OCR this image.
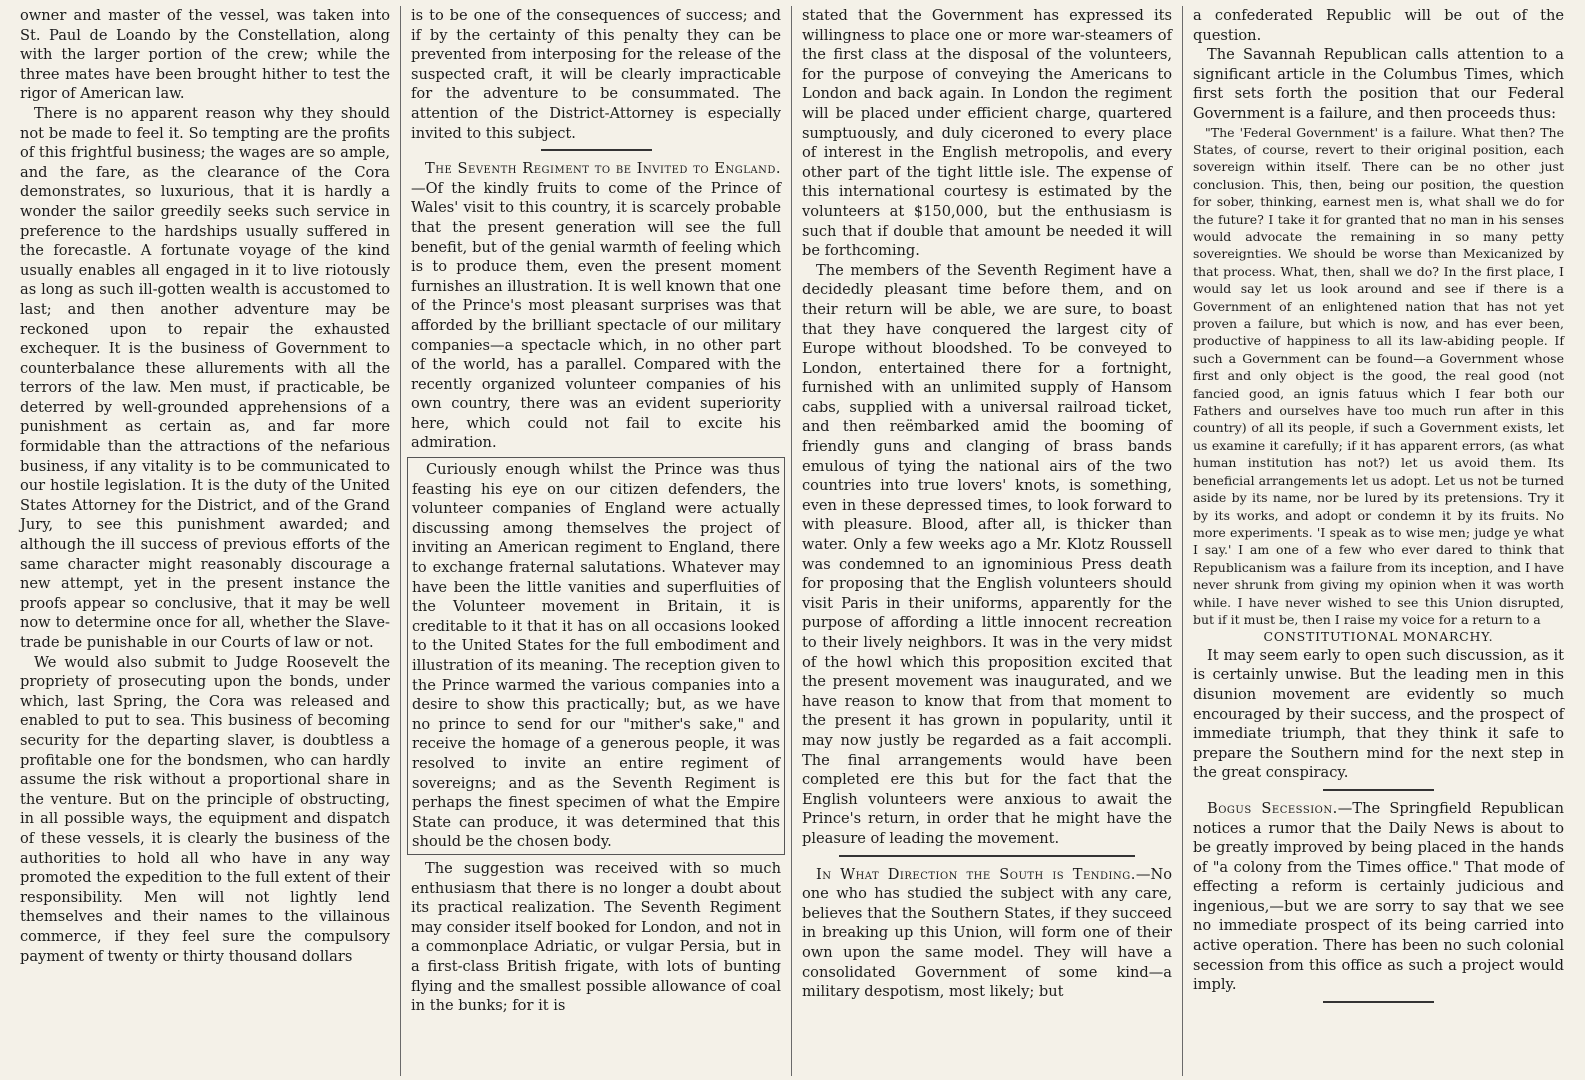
owner and master of the vessel, was taken into St. Paul de Loando by the Constellation, along with the larger portion of the crew; while the three mates have been brought hither to test the rigor of American law.

There is no apparent reason why they should not be made to feel it. So tempting are the profits of this frightful business; the wages are so ample, and the fare, as the clearance of the Cora demonstrates, so luxurious, that it is hardly a wonder the sailor greedily seeks such service in preference to the hardships usually suffered in the forecastle. A fortunate voyage of the kind usually enables all engaged in it to live riotously as long as such ill-gotten wealth is accustomed to last; and then another adventure may be reckoned upon to repair the exhausted exchequer. It is the business of Government to counterbalance these allurements with all the terrors of the law. Men must, if practicable, be deterred by well-grounded apprehensions of a punishment as certain as, and far more formidable than the attractions of the nefarious business, if any vitality is to be communicated to our hostile legislation. It is the duty of the United States Attorney for the District, and of the Grand Jury, to see this punishment awarded; and although the ill success of previous efforts of the same character might reasonably discourage a new attempt, yet in the present instance the proofs appear so conclusive, that it may be well now to determine once for all, whether the Slave-trade be punishable in our Courts of law or not.

We would also submit to Judge Roosevelt the propriety of prosecuting upon the bonds, under which, last Spring, the Cora was released and enabled to put to sea. This business of becoming security for the departing slaver, is doubtless a profitable one for the bondsmen, who can hardly assume the risk without a proportional share in the venture. But on the principle of obstructing, in all possible ways, the equipment and dispatch of these vessels, it is clearly the business of the authorities to hold all who have in any way promoted the expedition to the full extent of their responsibility. Men will not lightly lend themselves and their names to the villainous commerce, if they feel sure the compulsory payment of twenty or thirty thousand dollars

is to be one of the consequences of success; and if by the certainty of this penalty they can be prevented from interposing for the release of the suspected craft, it will be clearly impracticable for the adventure to be consummated. The attention of the District-Attorney is especially invited to this subject.

The Seventh Regiment to be Invited to England.—Of the kindly fruits to come of the Prince of Wales' visit to this country, it is scarcely probable that the present generation will see the full benefit, but of the genial warmth of feeling which is to produce them, even the present moment furnishes an illustration. It is well known that one of the Prince's most pleasant surprises was that afforded by the brilliant spectacle of our military companies—a spectacle which, in no other part of the world, has a parallel. Compared with the recently organized volunteer companies of his own country, there was an evident superiority here, which could not fail to excite his admiration.

Curiously enough whilst the Prince was thus feasting his eye on our citizen defenders, the volunteer companies of England were actually discussing among themselves the project of inviting an American regiment to England, there to exchange fraternal salutations. Whatever may have been the little vanities and superfluities of the Volunteer movement in Britain, it is creditable to it that it has on all occasions looked to the United States for the full embodiment and illustration of its meaning. The reception given to the Prince warmed the various companies into a desire to show this practically; but, as we have no prince to send for our "mither's sake," and receive the homage of a generous people, it was resolved to invite an entire regiment of sovereigns; and as the Seventh Regiment is perhaps the finest specimen of what the Empire State can produce, it was determined that this should be the chosen body.

The suggestion was received with so much enthusiasm that there is no longer a doubt about its practical realization. The Seventh Regiment may consider itself booked for London, and not in a commonplace Adriatic, or vulgar Persia, but in a first-class British frigate, with lots of bunting flying and the smallest possible allowance of coal in the bunks; for it is

stated that the Government has expressed its willingness to place one or more war-steamers of the first class at the disposal of the volunteers, for the purpose of conveying the Americans to London and back again. In London the regiment will be placed under efficient charge, quartered sumptuously, and duly ciceroned to every place of interest in the English metropolis, and every other part of the tight little isle. The expense of this international courtesy is estimated by the volunteers at $150,000, but the enthusiasm is such that if double that amount be needed it will be forthcoming.

The members of the Seventh Regiment have a decidedly pleasant time before them, and on their return will be able, we are sure, to boast that they have conquered the largest city of Europe without bloodshed. To be conveyed to London, entertained there for a fortnight, furnished with an unlimited supply of Hansom cabs, supplied with a universal railroad ticket, and then reëmbarked amid the booming of friendly guns and clanging of brass bands emulous of tying the national airs of the two countries into true lovers' knots, is something, even in these depressed times, to look forward to with pleasure. Blood, after all, is thicker than water. Only a few weeks ago a Mr. Klotz Roussell was condemned to an ignominious Press death for proposing that the English volunteers should visit Paris in their uniforms, apparently for the purpose of affording a little innocent recreation to their lively neighbors. It was in the very midst of the howl which this proposition excited that the present movement was inaugurated, and we have reason to know that from that moment to the present it has grown in popularity, until it may now justly be regarded as a fait accompli. The final arrangements would have been completed ere this but for the fact that the English volunteers were anxious to await the Prince's return, in order that he might have the pleasure of leading the movement.

In What Direction the South is Tending.—No one who has studied the subject with any care, believes that the Southern States, if they succeed in breaking up this Union, will form one of their own upon the same model. They will have a consolidated Government of some kind—a military despotism, most likely; but

a confederated Republic will be out of the question.

The Savannah Republican calls attention to a significant article in the Columbus Times, which first sets forth the position that our Federal Government is a failure, and then proceeds thus:

"The 'Federal Government' is a failure. What then? The States, of course, revert to their original position, each sovereign within itself. There can be no other just conclusion. This, then, being our position, the question for sober, thinking, earnest men is, what shall we do for the future? I take it for granted that no man in his senses would advocate the remaining in so many petty sovereignties. We should be worse than Mexicanized by that process. What, then, shall we do? In the first place, I would say let us look around and see if there is a Government of an enlightened nation that has not yet proven a failure, but which is now, and has ever been, productive of happiness to all its law-abiding people. If such a Government can be found—a Government whose first and only object is the good, the real good (not fancied good, an ignis fatuus which I fear both our Fathers and ourselves have too much run after in this country) of all its people, if such a Government exists, let us examine it carefully; if it has apparent errors, (as what human institution has not?) let us avoid them. Its beneficial arrangements let us adopt. Let us not be turned aside by its name, nor be lured by its pretensions. Try it by its works, and adopt or condemn it by its fruits. No more experiments. 'I speak as to wise men; judge ye what I say.' I am one of a few who ever dared to think that Republicanism was a failure from its inception, and I have never shrunk from giving my opinion when it was worth while. I have never wished to see this Union disrupted, but if it must be, then I raise my voice for a return to a

CONSTITUTIONAL MONARCHY.

It may seem early to open such discussion, as it is certainly unwise. But the leading men in this disunion movement are evidently so much encouraged by their success, and the prospect of immediate triumph, that they think it safe to prepare the Southern mind for the next step in the great conspiracy.

Bogus Secession.—The Springfield Republican notices a rumor that the Daily News is about to be greatly improved by being placed in the hands of "a colony from the Times office." That mode of effecting a reform is certainly judicious and ingenious,—but we are sorry to say that we see no immediate prospect of its being carried into active operation. There has been no such colonial secession from this office as such a project would imply.
